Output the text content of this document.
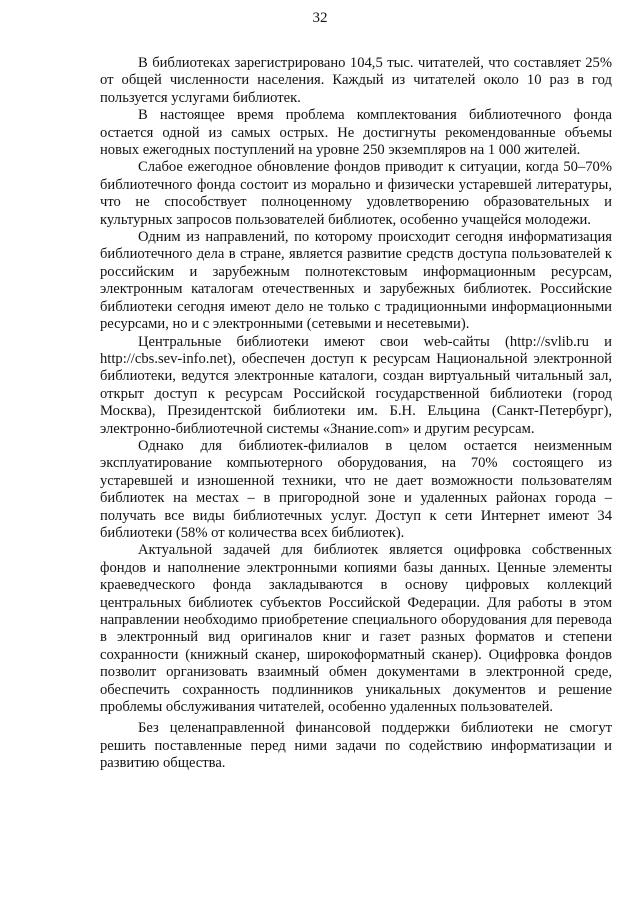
32

В библиотеках зарегистрировано 104,5 тыс. читателей, что составляет 25% от общей численности населения. Каждый из читателей около 10 раз в год пользуется услугами библиотек.

В настоящее время проблема комплектования библиотечного фонда остается одной из самых острых. Не достигнуты рекомендованные объемы новых ежегодных поступлений на уровне 250 экземпляров на 1 000 жителей.

Слабое ежегодное обновление фондов приводит к ситуации, когда 50–70% библиотечного фонда состоит из морально и физически устаревшей литературы, что не способствует полноценному удовлетворению образовательных и культурных запросов пользователей библиотек, особенно учащейся молодежи.

Одним из направлений, по которому происходит сегодня информатизация библиотечного дела в стране, является развитие средств доступа пользователей к российским и зарубежным полнотекстовым информационным ресурсам, электронным каталогам отечественных и зарубежных библиотек. Российские библиотеки сегодня имеют дело не только с традиционными информационными ресурсами, но и с электронными (сетевыми и несетевыми).

Центральные библиотеки имеют свои web-сайты (http://svlib.ru и http://cbs.sev-info.net), обеспечен доступ к ресурсам Национальной электронной библиотеки, ведутся электронные каталоги, создан виртуальный читальный зал, открыт доступ к ресурсам Российской государственной библиотеки (город Москва), Президентской библиотеки им. Б.Н. Ельцина (Санкт-Петербург), электронно-библиотечной системы «Знание.com» и другим ресурсам.

Однако для библиотек-филиалов в целом остается неизменным эксплуатирование компьютерного оборудования, на 70% состоящего из устаревшей и изношенной техники, что не дает возможности пользователям библиотек на местах – в пригородной зоне и удаленных районах города – получать все виды библиотечных услуг. Доступ к сети Интернет имеют 34 библиотеки (58% от количества всех библиотек).

Актуальной задачей для библиотек является оцифровка собственных фондов и наполнение электронными копиями базы данных. Ценные элементы краеведческого фонда закладываются в основу цифровых коллекций центральных библиотек субъектов Российской Федерации. Для работы в этом направлении необходимо приобретение специального оборудования для перевода в электронный вид оригиналов книг и газет разных форматов и степени сохранности (книжный сканер, широкоформатный сканер). Оцифровка фондов позволит организовать взаимный обмен документами в электронной среде, обеспечить сохранность подлинников уникальных документов и решение проблемы обслуживания читателей, особенно удаленных пользователей.

Без целенаправленной финансовой поддержки библиотеки не смогут решить поставленные перед ними задачи по содействию информатизации и развитию общества.
